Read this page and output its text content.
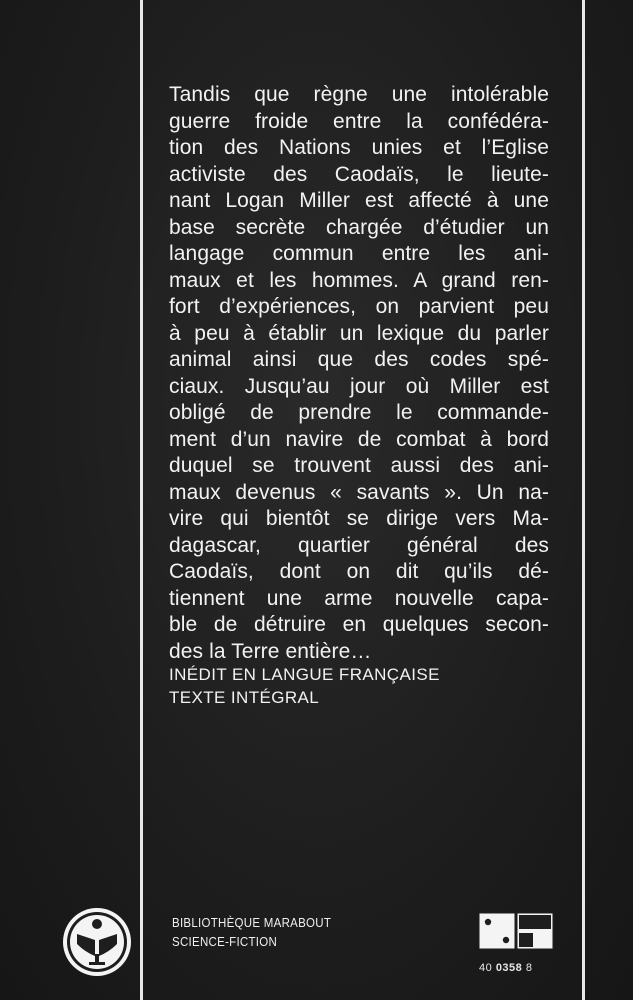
Tandis que règne une intolérable
guerre froide entre la confédéra-
tion des Nations unies et l’Eglise
activiste des Caodaïs, le lieute-
nant Logan Miller est affecté à une
base secrète chargée d’étudier un
langage commun entre les ani-
maux et les hommes. A grand ren-
fort d’expériences, on parvient peu
à peu à établir un lexique du parler
animal ainsi que des codes spé-
ciaux. Jusqu’au jour où Miller est
obligé de prendre le commande-
ment d’un navire de combat à bord
duquel se trouvent aussi des ani-
maux devenus « savants ». Un na-
vire qui bientôt se dirige vers Ma-
dagascar, quartier général des
Caodaïs, dont on dit qu’ils dé-
tiennent une arme nouvelle capa-
ble de détruire en quelques secon-
des la Terre entière…
INÉDIT EN LANGUE FRANÇAISE
TEXTE INTÉGRAL
BIBLIOTHÈQUE MARABOUT
SCIENCE-FICTION
40 0358 8
